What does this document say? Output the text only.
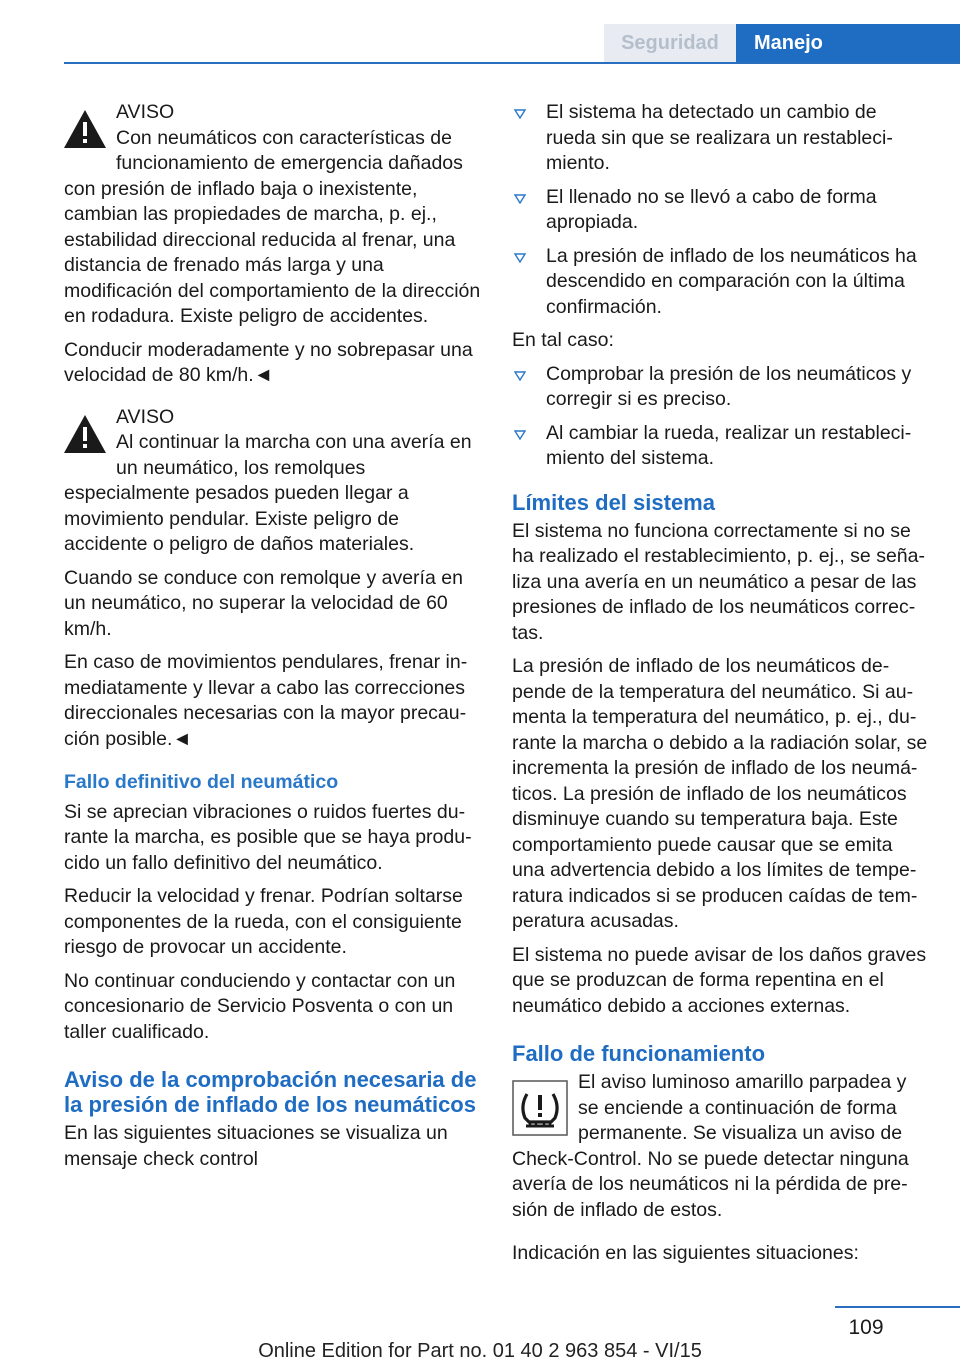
Seguridad	Manejo
AVISO

Con neumáticos con características de funcionamiento de emergencia dañados con presión de inflado baja o inexistente, cambian las propiedades de marcha, p. ej., estabilidad direccional reducida al frenar, una distancia de frenado más larga y una modificación del comportamiento de la dirección en rodadura. Existe peligro de accidentes.

Conducir moderadamente y no sobrepasar una velocidad de 80 km/h.◄

AVISO

Al continuar la marcha con una avería en un neumático, los remolques especialmente pesados pueden llegar a movimiento pendular. Existe peligro de accidente o peligro de daños materiales.

Cuando se conduce con remolque y avería en un neumático, no superar la velocidad de 60 km/h.

En caso de movimientos pendulares, frenar inmediatamente y llevar a cabo las correcciones direccionales necesarias con la mayor precaución posible.◄

Fallo definitivo del neumático

Si se aprecian vibraciones o ruidos fuertes durante la marcha, es posible que se haya producido un fallo definitivo del neumático.

Reducir la velocidad y frenar. Podrían soltarse componentes de la rueda, con el consiguiente riesgo de provocar un accidente.

No continuar conduciendo y contactar con un concesionario de Servicio Posventa o con un taller cualificado.

Aviso de la comprobación necesaria de la presión de inflado de los neumáticos

En las siguientes situaciones se visualiza un mensaje check control

El sistema ha detectado un cambio de rueda sin que se realizara un restablecimiento.
El llenado no se llevó a cabo de forma apropiada.
La presión de inflado de los neumáticos ha descendido en comparación con la última confirmación.

En tal caso:

Comprobar la presión de los neumáticos y corregir si es preciso.
Al cambiar la rueda, realizar un restablecimiento del sistema.
Límites del sistema

El sistema no funciona correctamente si no se ha realizado el restablecimiento, p. ej., se señaliza una avería en un neumático a pesar de las presiones de inflado de los neumáticos correctas.

La presión de inflado de los neumáticos depende de la temperatura del neumático. Si aumenta la temperatura del neumático, p. ej., durante la marcha o debido a la radiación solar, se incrementa la presión de inflado de los neumáticos. La presión de inflado de los neumáticos disminuye cuando su temperatura baja. Este comportamiento puede causar que se emita una advertencia debido a los límites de temperatura indicados si se producen caídas de temperatura acusadas.

El sistema no puede avisar de los daños graves que se produzcan de forma repentina en el neumático debido a acciones externas.

Fallo de funcionamiento

El aviso luminoso amarillo parpadea y se enciende a continuación de forma permanente. Se visualiza un aviso de Check-Control. No se puede detectar ninguna avería de los neumáticos ni la pérdida de presión de inflado de estos.

Indicación en las siguientes situaciones:

109
Online Edition for Part no. 01 40 2 963 854 - VI/15
